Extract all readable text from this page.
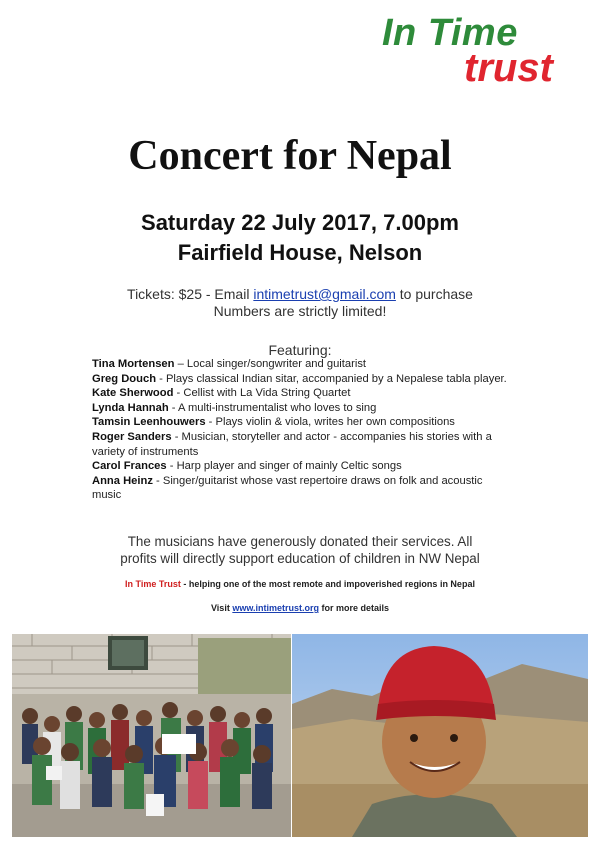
In Time
trust
Concert for Nepal
Saturday 22 July 2017, 7.00pm
Fairfield House, Nelson
Tickets: $25 - Email intimetrust@gmail.com to purchase
Numbers are strictly limited!
Featuring:

Tina Mortensen – Local singer/songwriter and guitarist

Greg Douch - Plays classical Indian sitar, accompanied by a Nepalese tabla player.

Kate Sherwood - Cellist with La Vida String Quartet

Lynda Hannah - A multi-instrumentalist who loves to sing

Tamsin Leenhouwers - Plays violin & viola, writes her own compositions

Roger Sanders - Musician, storyteller and actor - accompanies his stories with a variety of instruments

Carol Frances - Harp player and singer of mainly Celtic songs

Anna Heinz - Singer/guitarist whose vast repertoire draws on folk and acoustic music

The musicians have generously donated their services. All
profits will directly support education of children in NW Nepal
In Time Trust - helping one of the most remote and impoverished regions in Nepal
Visit www.intimetrust.org for more details
